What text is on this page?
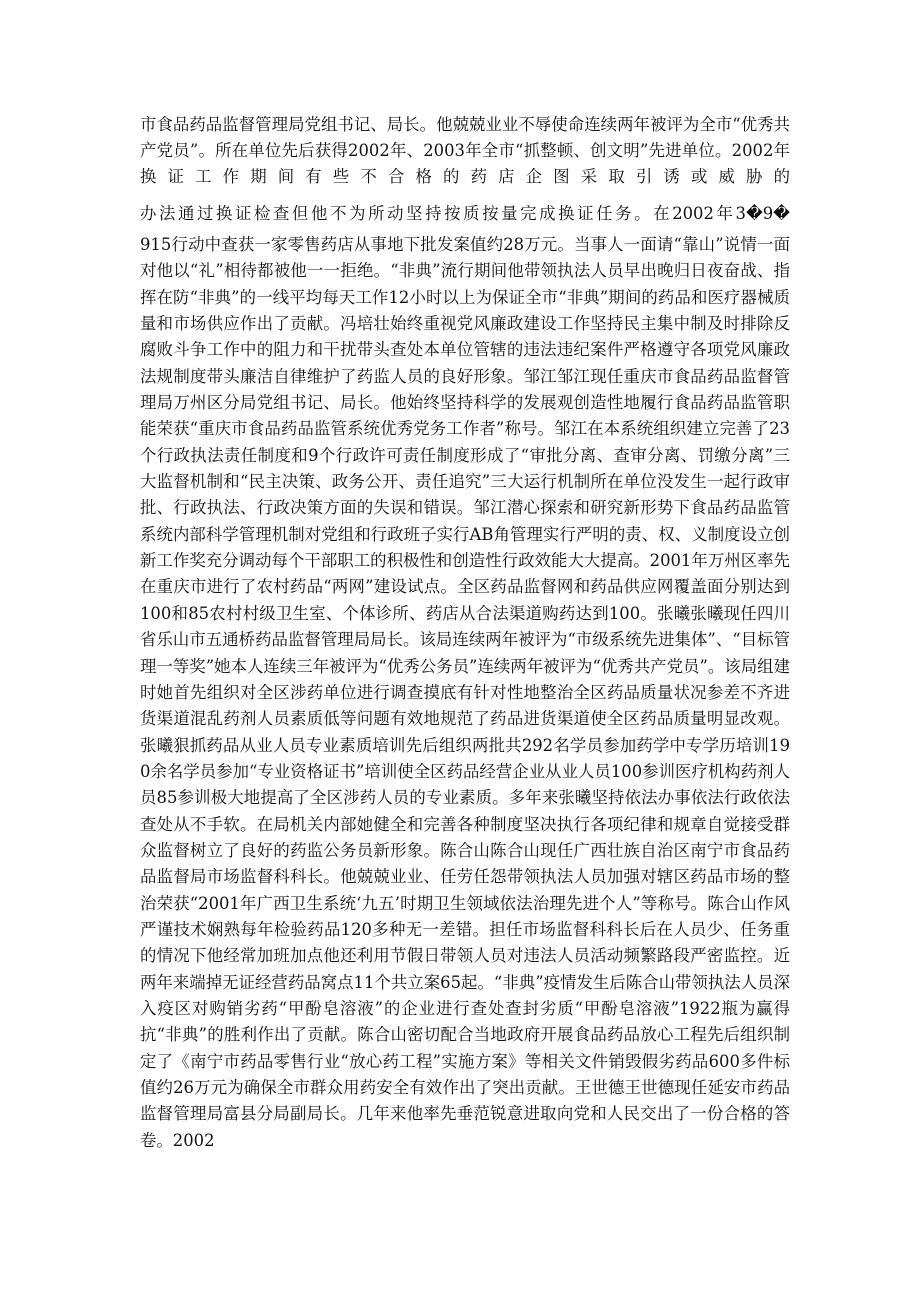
市食品药品监督管理局党组书记、局长。他兢兢业业不辱使命连续两年被评为全市“优秀共产党员”。所在单位先后获得2002年、2003年全市“抓整顿、创文明”先进单位。2002年换证工作期间有些不合格的药店企图采取引诱或威胁的

办法通过换证检查但他不为所动坚持按质按量完成换证任务。在2002年3�9�

915行动中查获一家零售药店从事地下批发案值约28万元。当事人一面请“靠山”说情一面对他以“礼”相待都被他一一拒绝。“非典”流行期间他带领执法人员早出晚归日夜奋战、指挥在防“非典”的一线平均每天工作12小时以上为保证全市“非典”期间的药品和医疗器械质量和市场供应作出了贡献。冯培壮始终重视党风廉政建设工作坚持民主集中制及时排除反腐败斗争工作中的阻力和干扰带头查处本单位管辖的违法违纪案件严格遵守各项党风廉政法规制度带头廉洁自律维护了药监人员的良好形象。邹江邹江现任重庆市食品药品监督管理局万州区分局党组书记、局长。他始终坚持科学的发展观创造性地履行食品药品监管职能荣获“重庆市食品药品监管系统优秀党务工作者”称号。邹江在本系统组织建立完善了23个行政执法责任制度和9个行政许可责任制度形成了“审批分离、查审分离、罚缴分离”三大监督机制和“民主决策、政务公开、责任追究”三大运行机制所在单位没发生一起行政审批、行政执法、行政决策方面的失误和错误。邹江潜心探索和研究新形势下食品药品监管系统内部科学管理机制对党组和行政班子实行AB角管理实行严明的责、权、义制度设立创新工作奖充分调动每个干部职工的积极性和创造性行政效能大大提高。2001年万州区率先在重庆市进行了农村药品“两网”建设试点。全区药品监督网和药品供应网覆盖面分别达到100和85农村村级卫生室、个体诊所、药店从合法渠道购药达到100。张曦张曦现任四川省乐山市五通桥药品监督管理局局长。该局连续两年被评为“市级系统先进集体”、“目标管理一等奖”她本人连续三年被评为“优秀公务员”连续两年被评为“优秀共产党员”。该局组建时她首先组织对全区涉药单位进行调查摸底有针对性地整治全区药品质量状况参差不齐进货渠道混乱药剂人员素质低等问题有效地规范了药品进货渠道使全区药品质量明显改观。张曦狠抓药品从业人员专业素质培训先后组织两批共292名学员参加药学中专学历培训190余名学员参加“专业资格证书”培训使全区药品经营企业从业人员100参训医疗机构药剂人员85参训极大地提高了全区涉药人员的专业素质。多年来张曦坚持依法办事依法行政依法查处从不手软。在局机关内部她健全和完善各种制度坚决执行各项纪律和规章自觉接受群众监督树立了良好的药监公务员新形象。陈合山陈合山现任广西壮族自治区南宁市食品药品监督局市场监督科科长。他兢兢业业、任劳任怨带领执法人员加强对辖区药品市场的整治荣获“2001年广西卫生系统‘九五’时期卫生领域依法治理先进个人”等称号。陈合山作风严谨技术娴熟每年检验药品120多种无一差错。担任市场监督科科长后在人员少、任务重的情况下他经常加班加点他还利用节假日带领人员对违法人员活动频繁路段严密监控。近两年来端掉无证经营药品窝点11个共立案65起。“非典”疫情发生后陈合山带领执法人员深入疫区对购销劣药“甲酚皂溶液”的企业进行查处查封劣质“甲酚皂溶液”1922瓶为赢得抗“非典”的胜利作出了贡献。陈合山密切配合当地政府开展食品药品放心工程先后组织制定了《南宁市药品零售行业“放心药工程”实施方案》等相关文件销毁假劣药品600多件标值约26万元为确保全市群众用药安全有效作出了突出贡献。王世德王世德现任延安市药品监督管理局富县分局副局长。几年来他率先垂范锐意进取向党和人民交出了一份合格的答卷。2002
